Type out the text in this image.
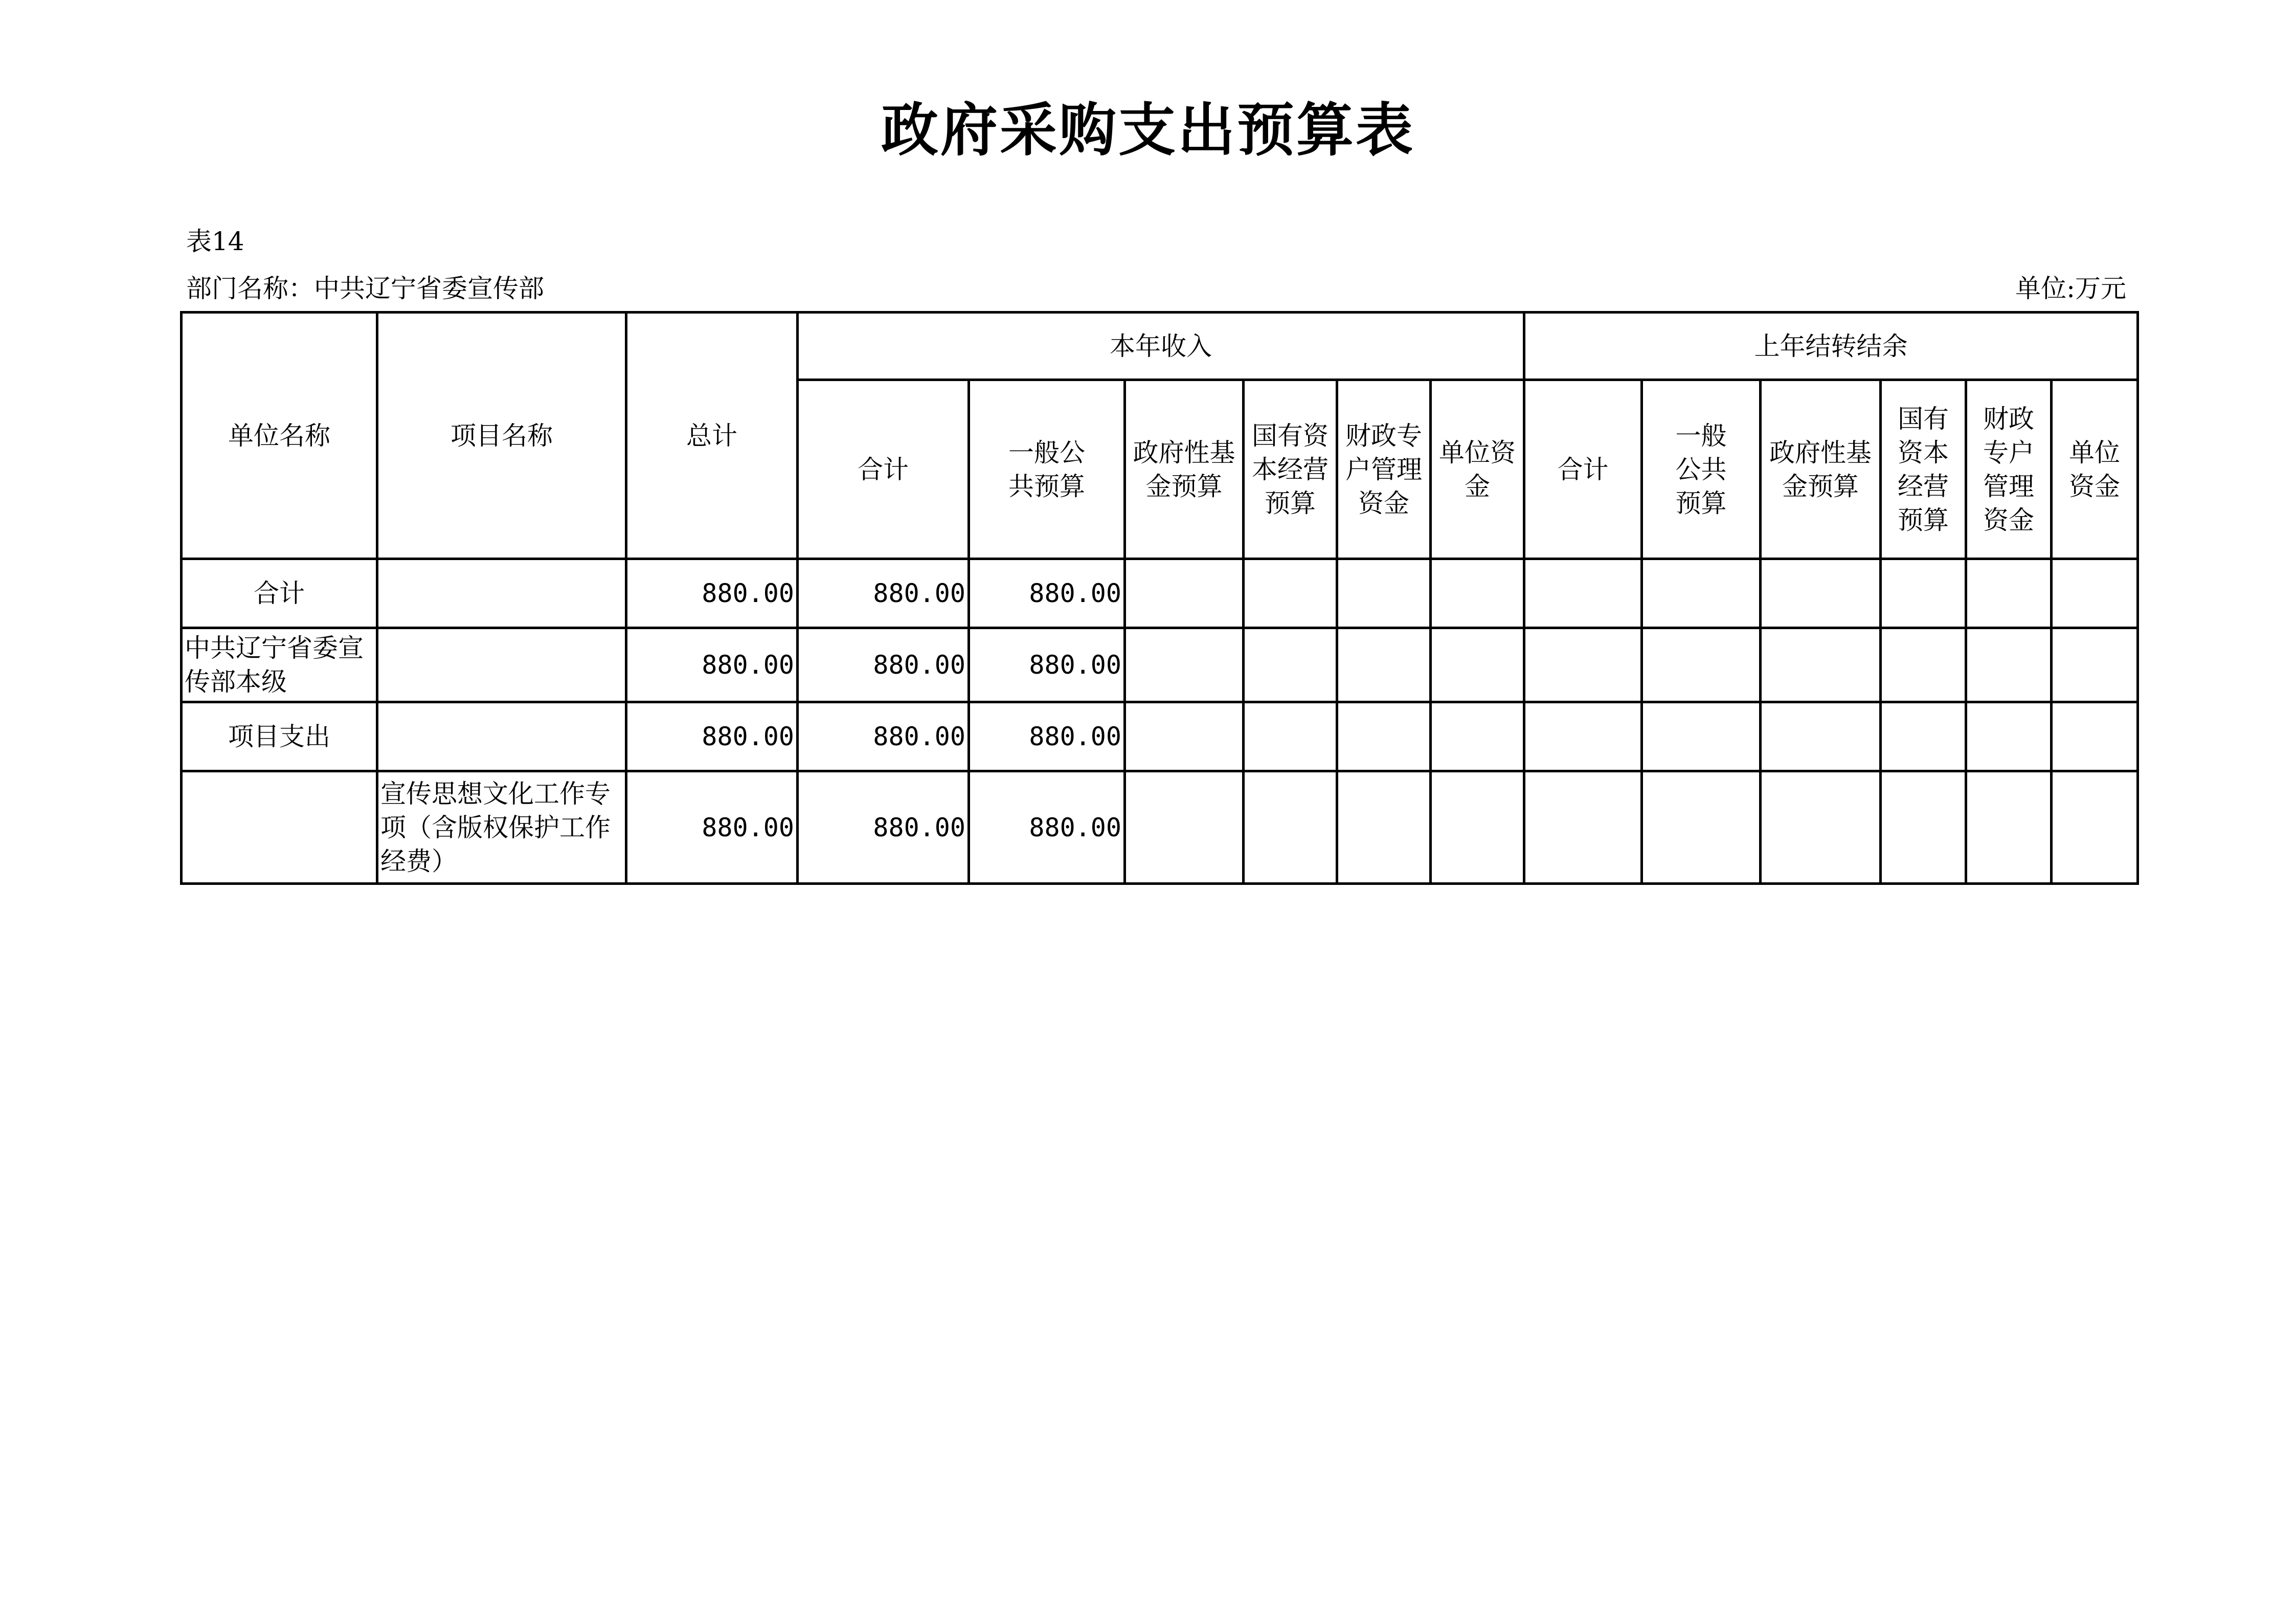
政府采购支出预算表
表14
部门名称：中共辽宁省委宣传部	单位:万元
单位名称	项目名称	总计	本年收入						上年结转结余					
			合计	一般公共预算	政府性基金预算	国有资本经营预算	财政专户管理资金	单位资金	合计	一般公共预算	政府性基金预算	国有资本经营预算	财政专户管理资金	单位资金
合计		880.00	880.00	880.00										
中共辽宁省委宣传部本级		880.00	880.00	880.00										
项目支出		880.00	880.00	880.00										
	宣传思想文化工作专项（含版权保护工作经费）	880.00	880.00	880.00										
